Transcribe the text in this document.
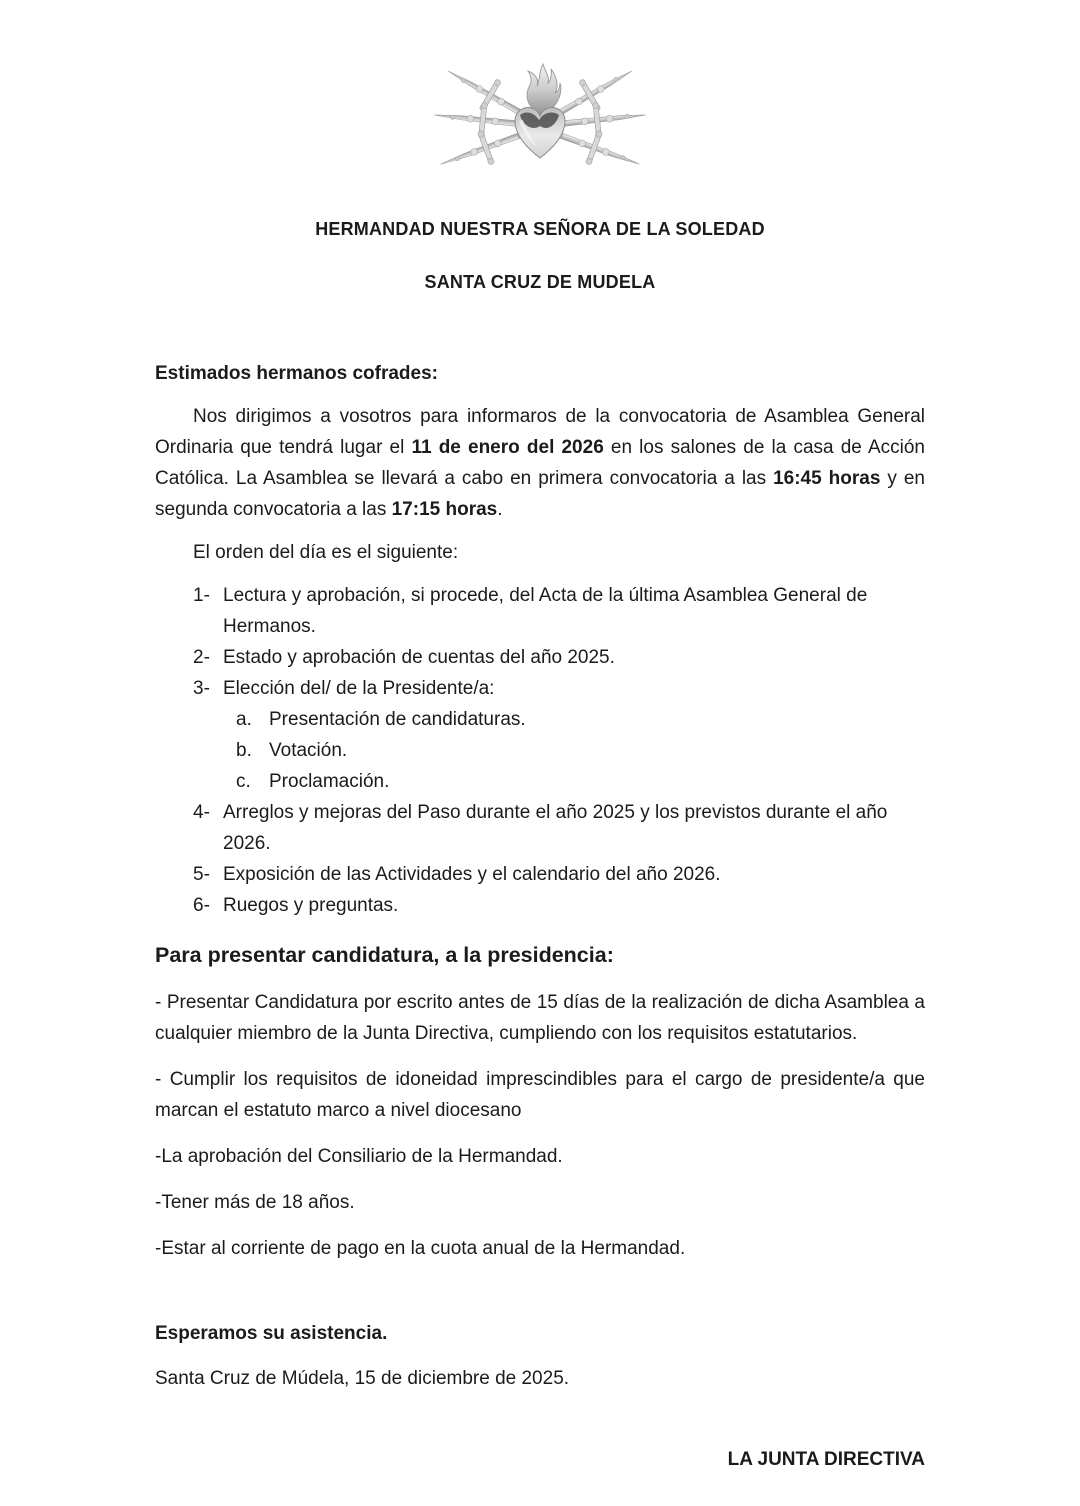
HERMANDAD NUESTRA SEÑORA DE LA SOLEDAD
SANTA CRUZ DE MUDELA

Estimados hermanos cofrades:

Nos dirigimos a vosotros para informaros de la convocatoria de Asamblea General Ordinaria que tendrá lugar el 11 de enero del 2026 en los salones de la casa de Acción Católica. La Asamblea se llevará a cabo en primera convocatoria a las 16:45 horas y en segunda convocatoria a las 17:15 horas.

El orden del día es el siguiente:

1- Lectura y aprobación, si procede, del Acta de la última Asamblea General de Hermanos.
2- Estado y aprobación de cuentas del año 2025.
3- Elección del/ de la Presidente/a:
a. Presentación de candidaturas.
b. Votación.
c. Proclamación.
4- Arreglos y mejoras del Paso durante el año 2025 y los previstos durante el año 2026.
5- Exposición de las Actividades y el calendario del año 2026.
6- Ruegos y preguntas.
Para presentar candidatura, a la presidencia:

- Presentar Candidatura por escrito antes de 15 días de la realización de dicha Asamblea a cualquier miembro de la Junta Directiva, cumpliendo con los requisitos estatutarios.

- Cumplir los requisitos de idoneidad imprescindibles para el cargo de presidente/a que marcan el estatuto marco a nivel diocesano

-La aprobación del Consiliario de la Hermandad.

-Tener más de 18 años.

-Estar al corriente de pago en la cuota anual de la Hermandad.

Esperamos su asistencia.

Santa Cruz de Múdela, 15 de diciembre de 2025.

LA JUNTA DIRECTIVA
